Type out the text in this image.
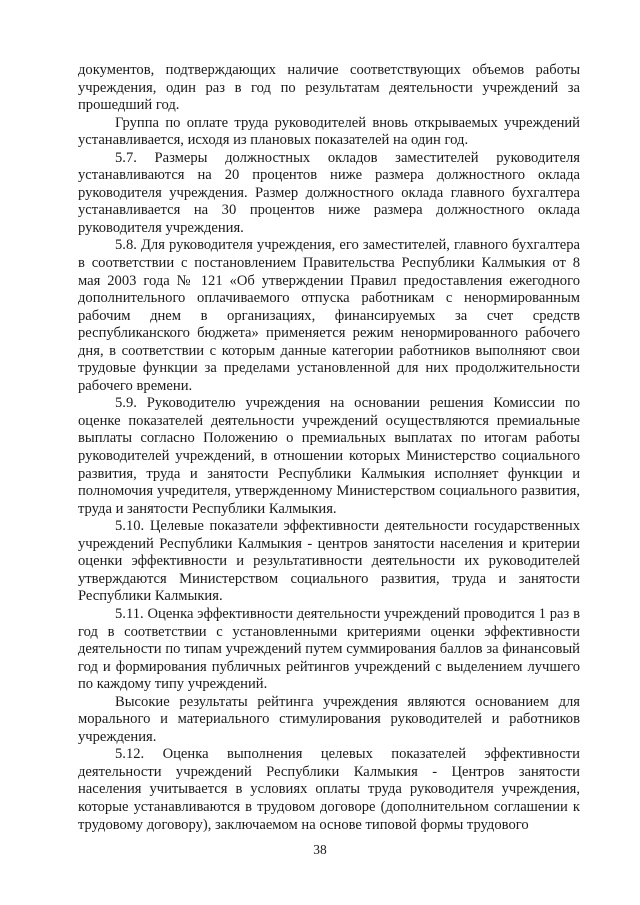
документов, подтверждающих наличие соответствующих объемов работы учреждения, один раз в год по результатам деятельности учреждений за прошедший год.

Группа по оплате труда руководителей вновь открываемых учреждений устанавливается, исходя из плановых показателей на один год.

5.7. Размеры должностных окладов заместителей руководителя устанавливаются на 20 процентов ниже размера должностного оклада руководителя учреждения. Размер должностного оклада главного бухгалтера устанавливается на 30 процентов ниже размера должностного оклада руководителя учреждения.

5.8. Для руководителя учреждения, его заместителей, главного бухгалтера в соответствии с постановлением Правительства Республики Калмыкия от 8 мая 2003 года № 121 «Об утверждении Правил предоставления ежегодного дополнительного оплачиваемого отпуска работникам с ненормированным рабочим днем в организациях, финансируемых за счет средств республиканского бюджета» применяется режим ненормированного рабочего дня, в соответствии с которым данные категории работников выполняют свои трудовые функции за пределами установленной для них продолжительности рабочего времени.

5.9. Руководителю учреждения на основании решения Комиссии по оценке показателей деятельности учреждений осуществляются премиальные выплаты согласно Положению о премиальных выплатах по итогам работы руководителей учреждений, в отношении которых Министерство социального развития, труда и занятости Республики Калмыкия исполняет функции и полномочия учредителя, утвержденному Министерством социального развития, труда и занятости Республики Калмыкия.

5.10. Целевые показатели эффективности деятельности государственных учреждений Республики Калмыкия - центров занятости населения и критерии оценки эффективности и результативности деятельности их руководителей утверждаются Министерством социального развития, труда и занятости Республики Калмыкия.

5.11. Оценка эффективности деятельности учреждений проводится 1 раз в год в соответствии с установленными критериями оценки эффективности деятельности по типам учреждений путем суммирования баллов за финансовый год и формирования публичных рейтингов учреждений с выделением лучшего по каждому типу учреждений.

Высокие результаты рейтинга учреждения являются основанием для морального и материального стимулирования руководителей и работников учреждения.

5.12. Оценка выполнения целевых показателей эффективности деятельности учреждений Республики Калмыкия - Центров занятости населения учитывается в условиях оплаты труда руководителя учреждения, которые устанавливаются в трудовом договоре (дополнительном соглашении к трудовому договору), заключаемом на основе типовой формы трудового

38
